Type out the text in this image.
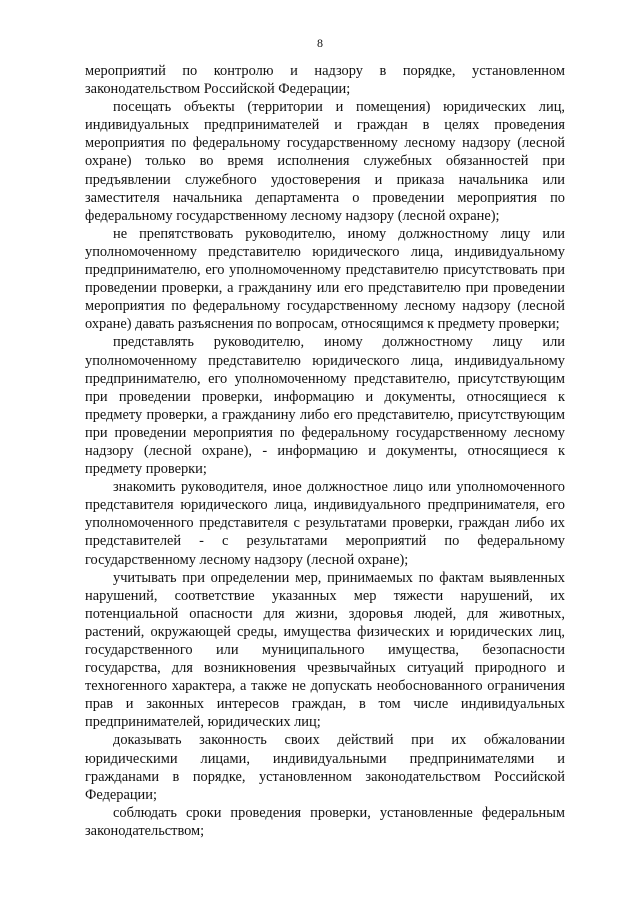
8

мероприятий по контролю и надзору в порядке, установленном законодательством Российской Федерации;

посещать объекты (территории и помещения) юридических лиц, индивидуальных предпринимателей и граждан в целях проведения мероприятия по федеральному государственному лесному надзору (лесной охране) только во время исполнения служебных обязанностей при предъявлении служебного удостоверения и приказа начальника или заместителя начальника департамента о проведении мероприятия по федеральному государственному лесному надзору (лесной охране);

не препятствовать руководителю, иному должностному лицу или уполномоченному представителю юридического лица, индивидуальному предпринимателю, его уполномоченному представителю присутствовать при проведении проверки, а гражданину или его представителю при проведении мероприятия по федеральному государственному лесному надзору (лесной охране) давать разъяснения по вопросам, относящимся к предмету проверки;

представлять руководителю, иному должностному лицу или уполномоченному представителю юридического лица, индивидуальному предпринимателю, его уполномоченному представителю, присутствующим при проведении проверки, информацию и документы, относящиеся к предмету проверки, а гражданину либо его представителю, присутствующим при проведении мероприятия по федеральному государственному лесному надзору (лесной охране), - информацию и документы, относящиеся к предмету проверки;

знакомить руководителя, иное должностное лицо или уполномоченного представителя юридического лица, индивидуального предпринимателя, его уполномоченного представителя с результатами проверки, граждан либо их представителей - с результатами мероприятий по федеральному государственному лесному надзору (лесной охране);

учитывать при определении мер, принимаемых по фактам выявленных нарушений, соответствие указанных мер тяжести нарушений, их потенциальной опасности для жизни, здоровья людей, для животных, растений, окружающей среды, имущества физических и юридических лиц, государственного или муниципального имущества, безопасности государства, для возникновения чрезвычайных ситуаций природного и техногенного характера, а также не допускать необоснованного ограничения прав и законных интересов граждан, в том числе индивидуальных предпринимателей, юридических лиц;

доказывать законность своих действий при их обжаловании юридическими лицами, индивидуальными предпринимателями и гражданами в порядке, установленном законодательством Российской Федерации;

соблюдать сроки проведения проверки, установленные федеральным законодательством;
